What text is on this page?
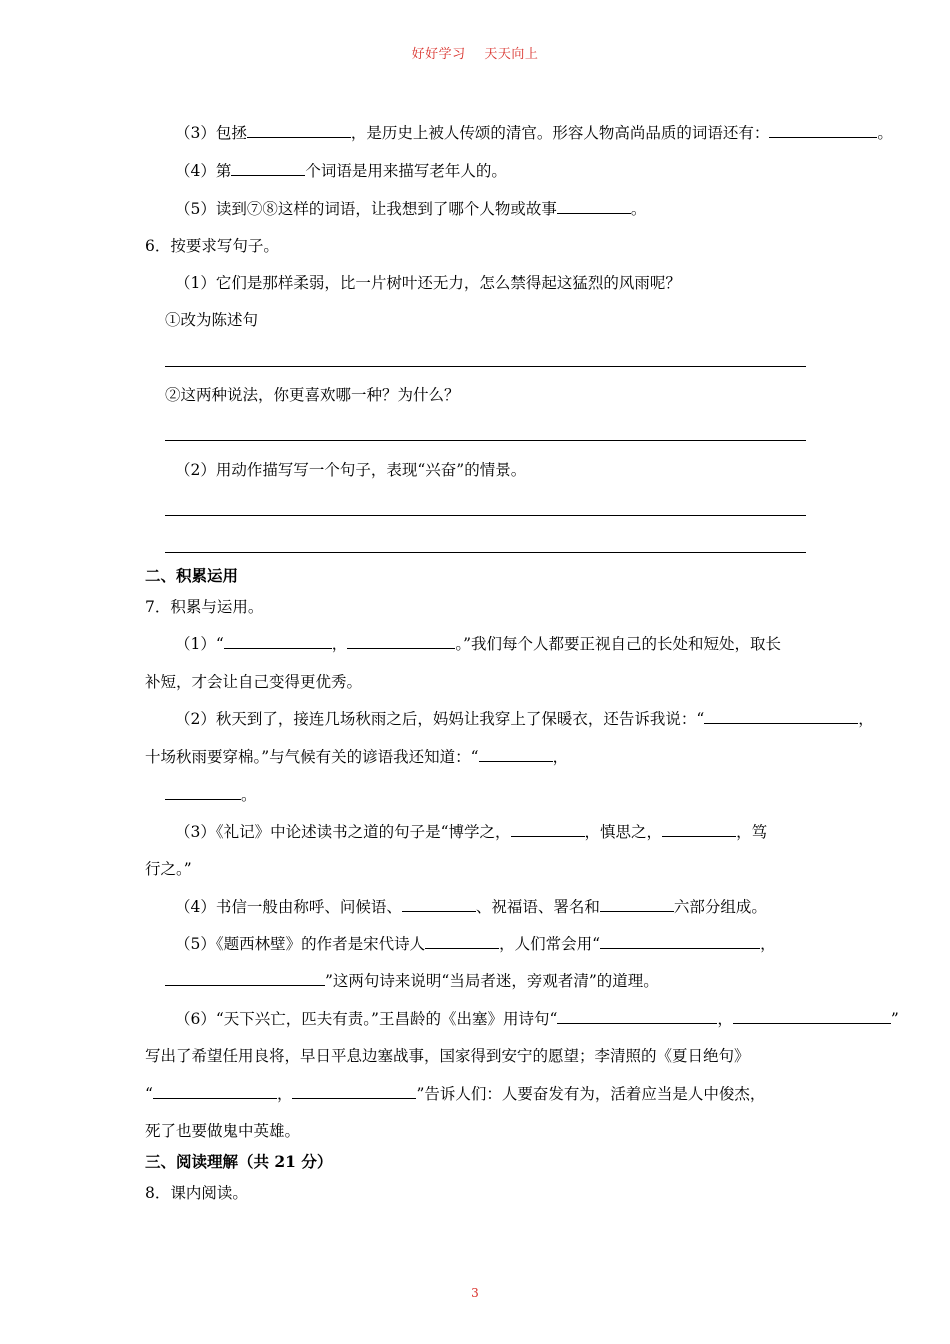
好好学习 天天向上
（3）包拯	，是历史上被人传颂的清官。形容人物高尚品质的词语还有：	。
（4）第	个词语是用来描写老年人的。
（5）读到⑦⑧这样的词语，让我想到了哪个人物或故事	。
6．按要求写句子。
（1）它们是那样柔弱，比一片树叶还无力，怎么禁得起这猛烈的风雨呢？
①改为陈述句
②这两种说法，你更喜欢哪一种？为什么？
（2）用动作描写写一个句子，表现“兴奋”的情景。
二、积累运用
7．积累与运用。
（1）“	，	。”我们每个人都要正视自己的长处和短处，取长
补短，才会让自己变得更优秀。
（2）秋天到了，接连几场秋雨之后，妈妈让我穿上了保暖衣，还告诉我说：“	，
十场秋雨要穿棉。”与气候有关的谚语我还知道：“	，
。
（3）《礼记》中论述读书之道的句子是“博学之，	，慎思之，	，笃
行之。”
（4）书信一般由称呼、问候语、	、祝福语、署名和	六部分组成。
（5）《题西林壁》的作者是宋代诗人	，人们常会用“	，
”这两句诗来说明“当局者迷，旁观者清”的道理。
（6）“天下兴亡，匹夫有责。”王昌龄的《出塞》用诗句“	，	”
写出了希望任用良将，早日平息边塞战事，国家得到安宁的愿望；李清照的《夏日绝句》
“	，	”告诉人们：人要奋发有为，活着应当是人中俊杰，
死了也要做鬼中英雄。
三、阅读理解（共 21 分）
8．课内阅读。
3
